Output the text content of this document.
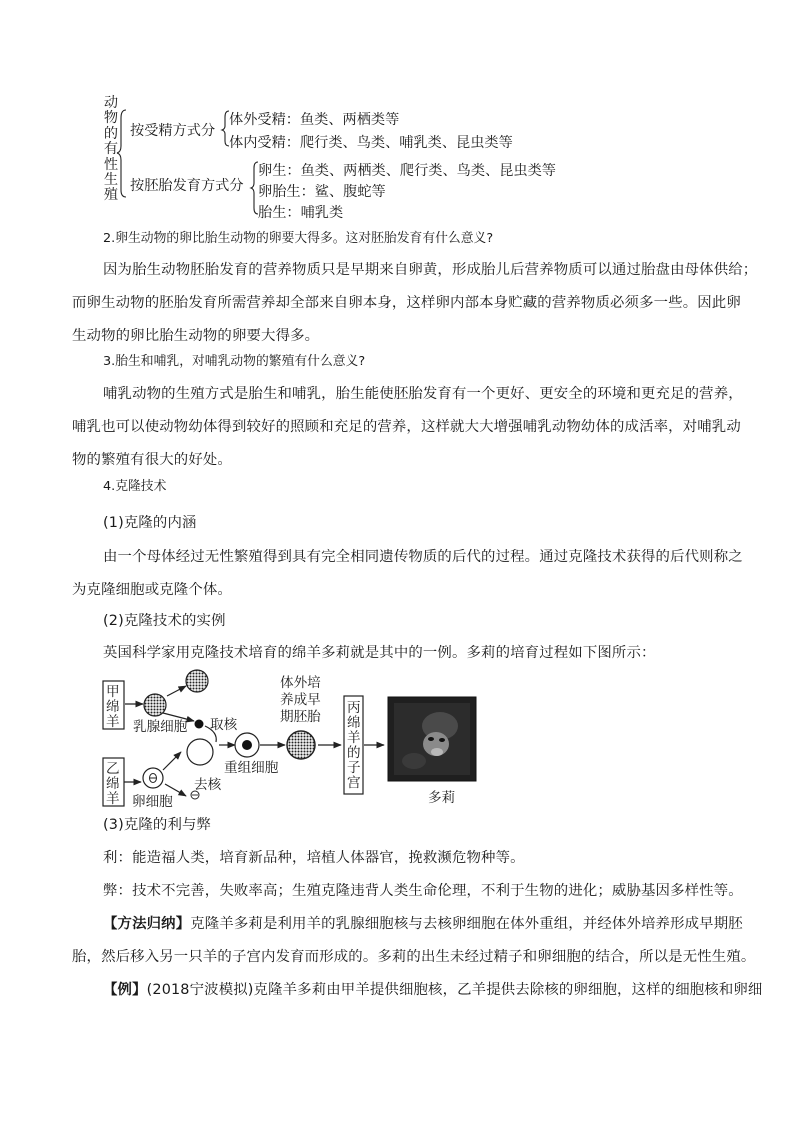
动
物
的
有
性
生
殖
按受精方式分
体外受精：鱼类、两栖类等
体内受精：爬行类、鸟类、哺乳类、昆虫类等
按胚胎发育方式分
卵生：鱼类、两栖类、爬行类、鸟类、昆虫类等
卵胎生：鲨、腹蛇等
胎生：哺乳类
2.卵生动物的卵比胎生动物的卵要大得多。这对胚胎发育有什么意义?
因为胎生动物胚胎发育的营养物质只是早期来自卵黄，形成胎儿后营养物质可以通过胎盘由母体供给；
而卵生动物的胚胎发育所需营养却全部来自卵本身，这样卵内部本身贮藏的营养物质必须多一些。因此卵
生动物的卵比胎生动物的卵要大得多。
3.胎生和哺乳，对哺乳动物的繁殖有什么意义?
哺乳动物的生殖方式是胎生和哺乳，胎生能使胚胎发育有一个更好、更安全的环境和更充足的营养，
哺乳也可以使动物幼体得到较好的照顾和充足的营养，这样就大大增强哺乳动物幼体的成活率，对哺乳动
物的繁殖有很大的好处。
4.克隆技术
(1)克隆的内涵
由一个母体经过无性繁殖得到具有完全相同遗传物质的后代的过程。通过克隆技术获得的后代则称之
为克隆细胞或克隆个体。
(2)克隆技术的实例
英国科学家用克隆技术培育的绵羊多莉就是其中的一例。多莉的培育过程如下图所示：
甲
绵
羊
乙
绵
羊
乳腺细胞 取核
卵细胞
去核
重组细胞
体外培
养成早
期胚胎
丙
绵
羊
的
子
宫
多莉
(3)克隆的利与弊
利：能造福人类，培育新品种，培植人体器官，挽救濒危物种等。
弊：技术不完善，失败率高；生殖克隆违背人类生命伦理，不利于生物的进化；威胁基因多样性等。
【方法归纳】克隆羊多莉是利用羊的乳腺细胞核与去核卵细胞在体外重组，并经体外培养形成早期胚
胎，然后移入另一只羊的子宫内发育而形成的。多莉的出生未经过精子和卵细胞的结合，所以是无性生殖。
【例】(2018宁波模拟)克隆羊多莉由甲羊提供细胞核，乙羊提供去除核的卵细胞，这样的细胞核和卵细
